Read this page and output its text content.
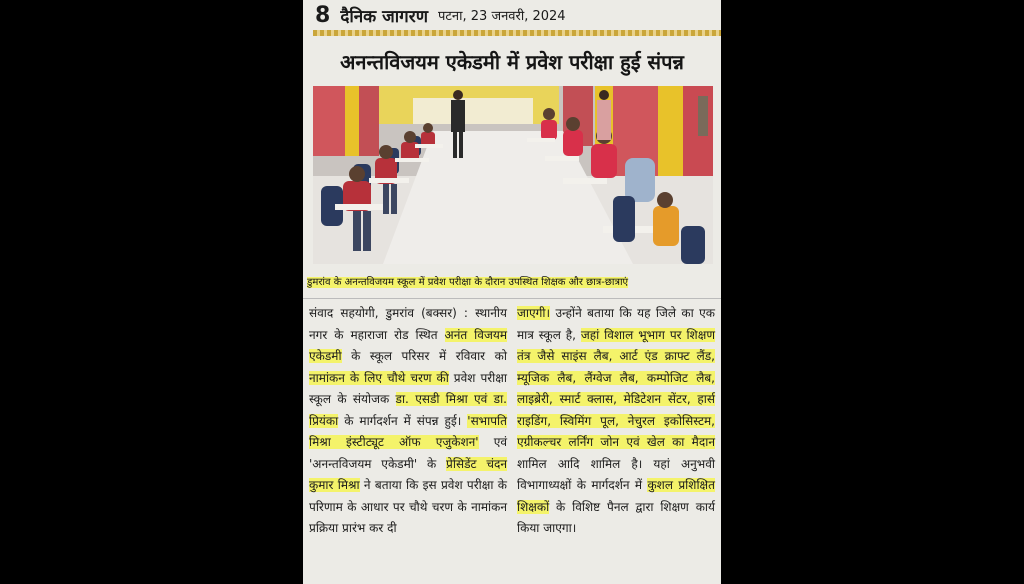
8 दैनिक जागरण पटना, 23 जनवरी, 2024
अनन्तविजयम एकेडमी में प्रवेश परीक्षा हुई संपन्न
डुमरांव के अनन्तविजयम स्कूल में प्रवेश परीक्षा के दौरान उपस्थित शिक्षक और छात्र-छात्राएं

संवाद सहयोगी, डुमरांव (बक्सर) : स्थानीय नगर के महाराजा रोड स्थित अनंत विजयम एकेडमी के स्कूल परिसर में रविवार को नामांकन के लिए चौथे चरण की प्रवेश परीक्षा स्कूल के संयोजक डा. एसडी मिश्रा एवं डा. प्रियंका के मार्गदर्शन में संपन्न हुई। 'सभापति मिश्रा इंस्टीट्यूट ऑफ एजुकेशन' एवं 'अनन्तविजयम एकेडमी' के प्रेसिडेंट चंदन कुमार मिश्रा ने बताया कि इस प्रवेश परीक्षा के परिणाम के आधार पर चौथे चरण के नामांकन प्रक्रिया प्रारंभ कर दी

जाएगी। उन्होंने बताया कि यह जिले का एक मात्र स्कूल है, जहां विशाल भूभाग पर शिक्षण तंत्र जैसे साइंस लैब, आर्ट एंड क्राफ्ट लैंड, म्यूजिक लैब, लैंग्वेज लैब, कम्पोजिट लैब, लाइब्रेरी, स्मार्ट क्लास, मेडिटेशन सेंटर, हार्स राइडिंग, स्विमिंग पूल, नेचुरल इकोसिस्टम, एग्रीकल्चर लर्निंग जोन एवं खेल का मैदान शामिल आदि शामिल है। यहां अनुभवी विभागाध्यक्षों के मार्गदर्शन में कुशल प्रशिक्षित शिक्षकों के विशिष्ट पैनल द्वारा शिक्षण कार्य किया जाएगा।
